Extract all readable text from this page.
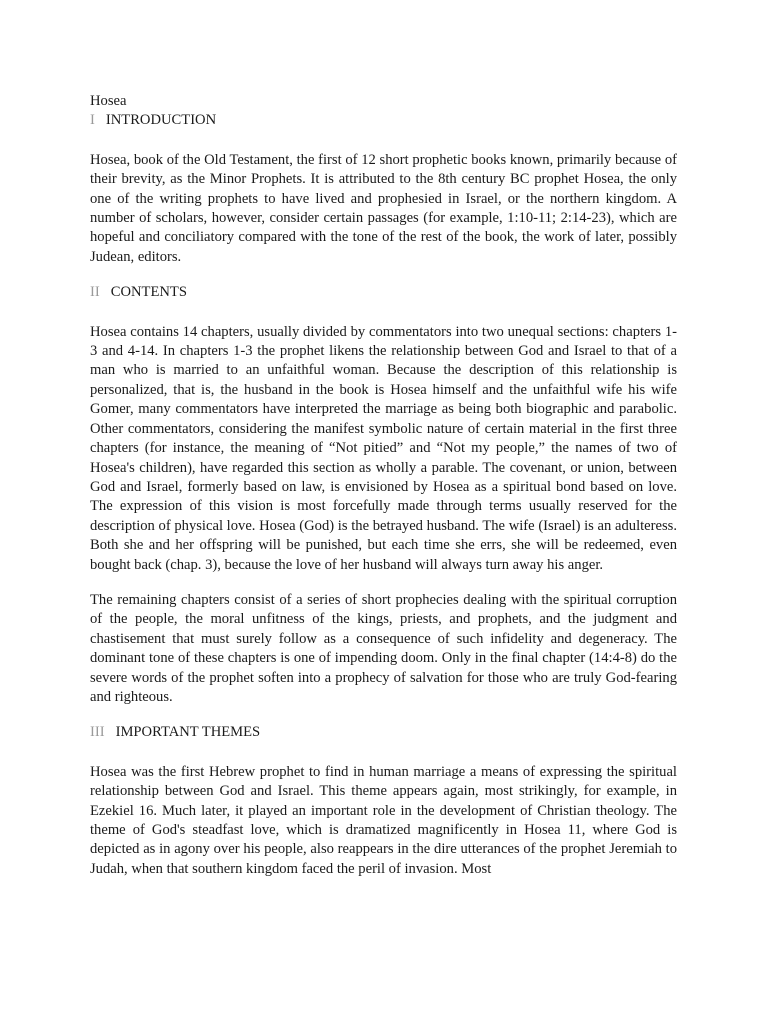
Hosea
I INTRODUCTION

Hosea, book of the Old Testament, the first of 12 short prophetic books known, primarily because of their brevity, as the Minor Prophets. It is attributed to the 8th century BC prophet Hosea, the only one of the writing prophets to have lived and prophesied in Israel, or the northern kingdom. A number of scholars, however, consider certain passages (for example, 1:10-11; 2:14-23), which are hopeful and conciliatory compared with the tone of the rest of the book, the work of later, possibly Judean, editors.

II CONTENTS

Hosea contains 14 chapters, usually divided by commentators into two unequal sections: chapters 1-3 and 4-14. In chapters 1-3 the prophet likens the relationship between God and Israel to that of a man who is married to an unfaithful woman. Because the description of this relationship is personalized, that is, the husband in the book is Hosea himself and the unfaithful wife his wife Gomer, many commentators have interpreted the marriage as being both biographic and parabolic. Other commentators, considering the manifest symbolic nature of certain material in the first three chapters (for instance, the meaning of “Not pitied” and “Not my people,” the names of two of Hosea's children), have regarded this section as wholly a parable. The covenant, or union, between God and Israel, formerly based on law, is envisioned by Hosea as a spiritual bond based on love. The expression of this vision is most forcefully made through terms usually reserved for the description of physical love. Hosea (God) is the betrayed husband. The wife (Israel) is an adulteress. Both she and her offspring will be punished, but each time she errs, she will be redeemed, even bought back (chap. 3), because the love of her husband will always turn away his anger.

The remaining chapters consist of a series of short prophecies dealing with the spiritual corruption of the people, the moral unfitness of the kings, priests, and prophets, and the judgment and chastisement that must surely follow as a consequence of such infidelity and degeneracy. The dominant tone of these chapters is one of impending doom. Only in the final chapter (14:4-8) do the severe words of the prophet soften into a prophecy of salvation for those who are truly God-fearing and righteous.

III IMPORTANT THEMES

Hosea was the first Hebrew prophet to find in human marriage a means of expressing the spiritual relationship between God and Israel. This theme appears again, most strikingly, for example, in Ezekiel 16. Much later, it played an important role in the development of Christian theology. The theme of God's steadfast love, which is dramatized magnificently in Hosea 11, where God is depicted as in agony over his people, also reappears in the dire utterances of the prophet Jeremiah to Judah, when that southern kingdom faced the peril of invasion. Most
